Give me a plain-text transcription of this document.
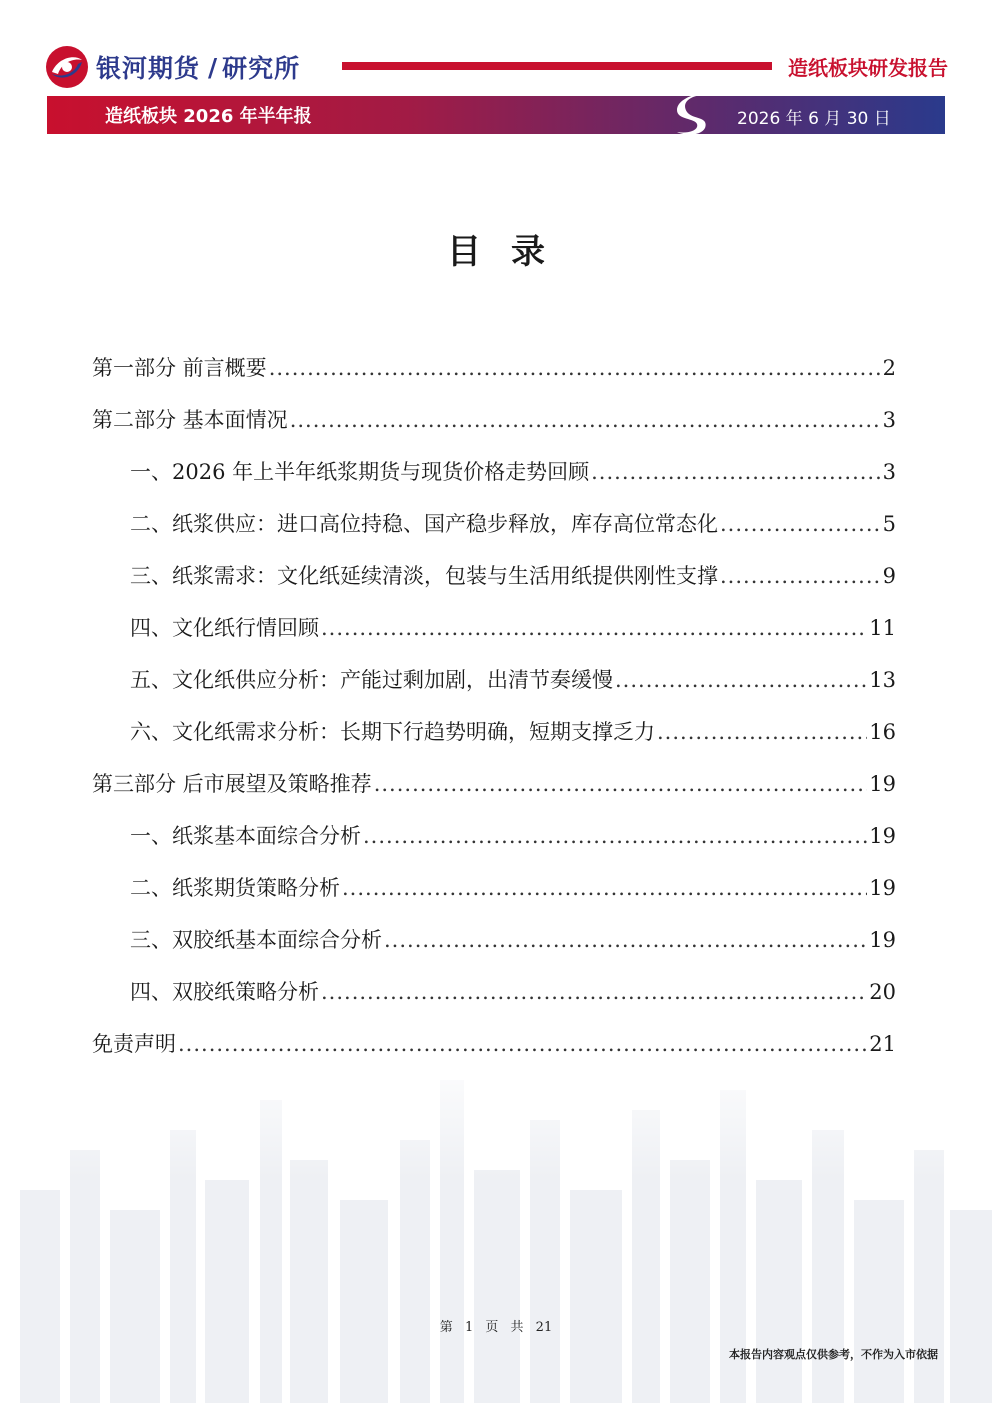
银河期货 / 研究所	造纸板块研发报告
造纸板块 2026 年半年报	2026 年 6 月 30 日
目录
第一部分 前言概要 .....	2
第二部分 基本面情况 .....	3
一、2026 年上半年纸浆期货与现货价格走势回顾 .....	3
二、纸浆供应：进口高位持稳、国产稳步释放，库存高位常态化 .....	5
三、纸浆需求：文化纸延续清淡，包装与生活用纸提供刚性支撑 .....	9
四、文化纸行情回顾 .....	11
五、文化纸供应分析：产能过剩加剧，出清节奏缓慢 .....	13
六、文化纸需求分析：长期下行趋势明确，短期支撑乏力 .....	16
第三部分 后市展望及策略推荐 .....	19
一、纸浆基本面综合分析 .....	19
二、纸浆期货策略分析 .....	19
三、双胶纸基本面综合分析 .....	19
四、双胶纸策略分析 .....	20
免责声明 .....	21
第 1 页 共 21
本报告内容观点仅供参考，不作为入市依据
